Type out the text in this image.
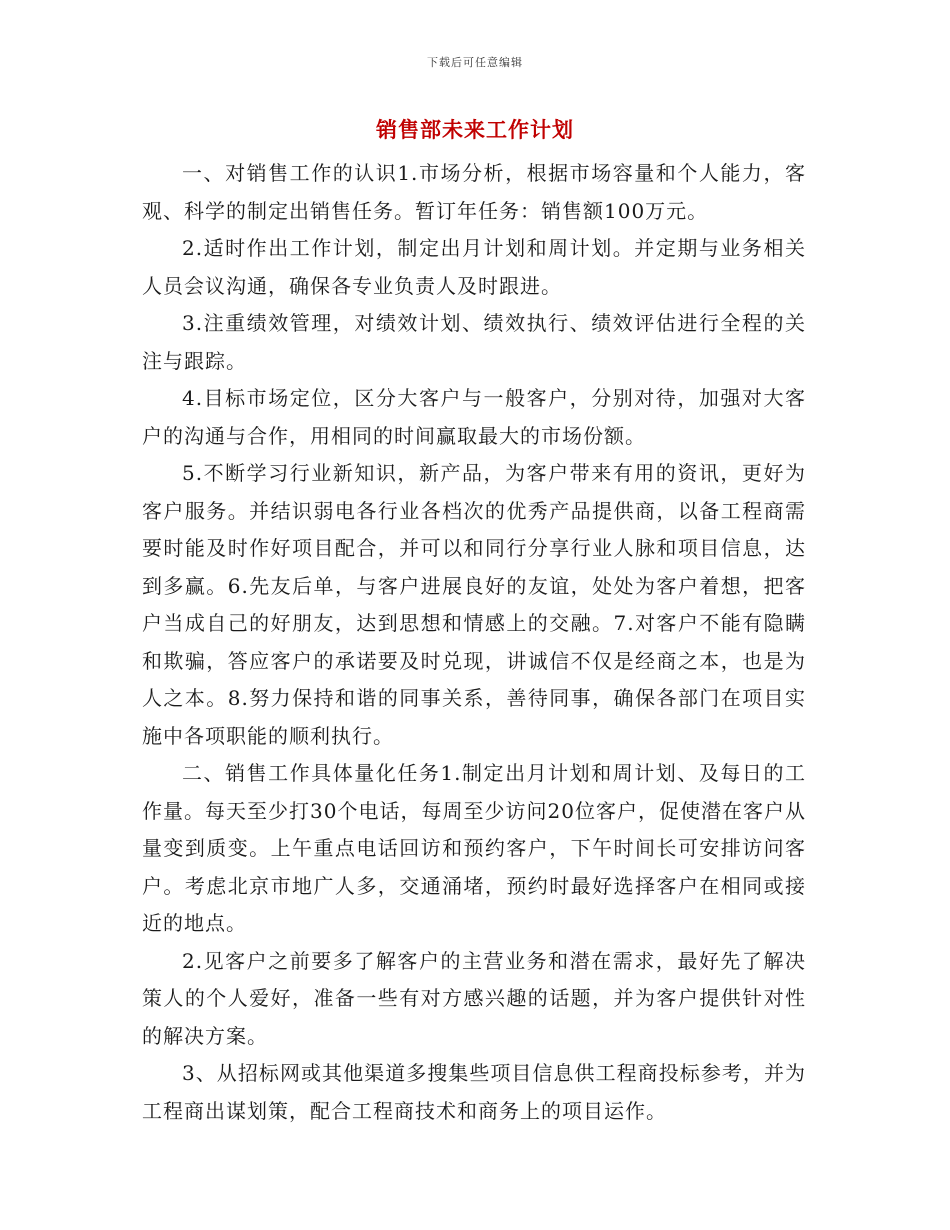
下载后可任意编辑
销售部未来工作计划

一、对销售工作的认识1.市场分析，根据市场容量和个人能力，客观、科学的制定出销售任务。暂订年任务：销售额100万元。

2.适时作出工作计划，制定出月计划和周计划。并定期与业务相关人员会议沟通，确保各专业负责人及时跟进。

3.注重绩效管理，对绩效计划、绩效执行、绩效评估进行全程的关注与跟踪。

4.目标市场定位，区分大客户与一般客户，分别对待，加强对大客户的沟通与合作，用相同的时间赢取最大的市场份额。

5.不断学习行业新知识，新产品，为客户带来有用的资讯，更好为客户服务。并结识弱电各行业各档次的优秀产品提供商，以备工程商需要时能及时作好项目配合，并可以和同行分享行业人脉和项目信息，达到多赢。6.先友后单，与客户进展良好的友谊，处处为客户着想，把客户当成自己的好朋友，达到思想和情感上的交融。7.对客户不能有隐瞒和欺骗，答应客户的承诺要及时兑现，讲诚信不仅是经商之本，也是为人之本。8.努力保持和谐的同事关系，善待同事，确保各部门在项目实施中各项职能的顺利执行。

二、销售工作具体量化任务1.制定出月计划和周计划、及每日的工作量。每天至少打30个电话，每周至少访问20位客户，促使潜在客户从量变到质变。上午重点电话回访和预约客户，下午时间长可安排访问客户。考虑北京市地广人多，交通涌堵，预约时最好选择客户在相同或接近的地点。

2.见客户之前要多了解客户的主营业务和潜在需求，最好先了解决策人的个人爱好，准备一些有对方感兴趣的话题，并为客户提供针对性的解决方案。

3、从招标网或其他渠道多搜集些项目信息供工程商投标参考，并为工程商出谋划策，配合工程商技术和商务上的项目运作。
